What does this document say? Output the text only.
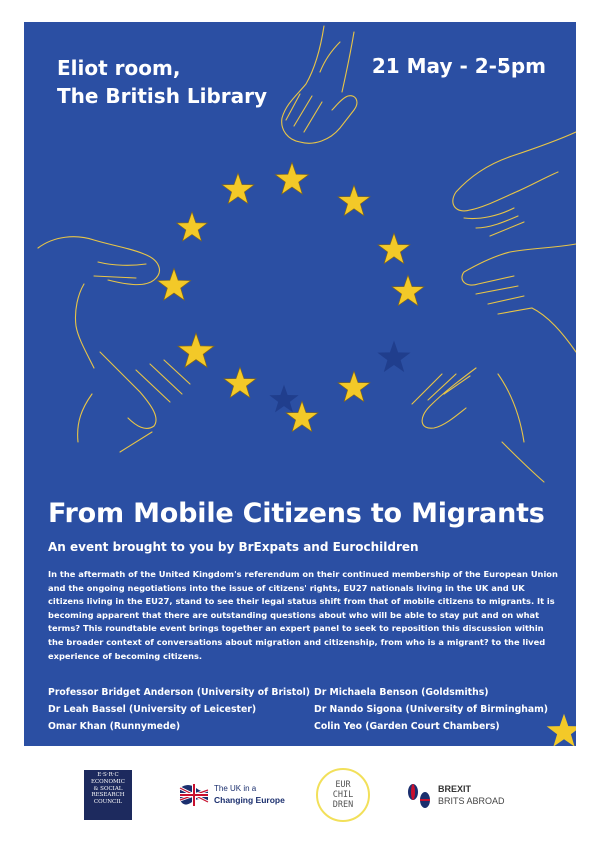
Eliot room,
The British Library
21 May - 2-5pm
From Mobile Citizens to Migrants
An event brought to you by BrExpats and Eurochildren

In the aftermath of the United Kingdom's referendum on their continued membership of the European Union and the ongoing negotiations into the issue of citizens' rights, EU27 nationals living in the UK and UK citizens living in the EU27, stand to see their legal status shift from that of mobile citizens to migrants. It is becoming apparent that there are outstanding questions about who will be able to stay put and on what terms? This roundtable event brings together an expert panel to seek to reposition this discussion within the broader context of conversations about migration and citizenship, from who is a migrant? to the lived experience of becoming citizens.

Professor Bridget Anderson (University of Bristol)
Dr Leah Bassel (University of Leicester)
Omar Khan (Runnymede)
Dr Michaela Benson (Goldsmiths)
Dr Nando Sigona (University of Birmingham)
Colin Yeo (Garden Court Chambers)
E·S·R·C
ECONOMIC
& SOCIAL
RESEARCH
COUNCIL
The UK in a
Changing Europe
EUR
CHIL
DREN
BREXIT
BRITS ABROAD
